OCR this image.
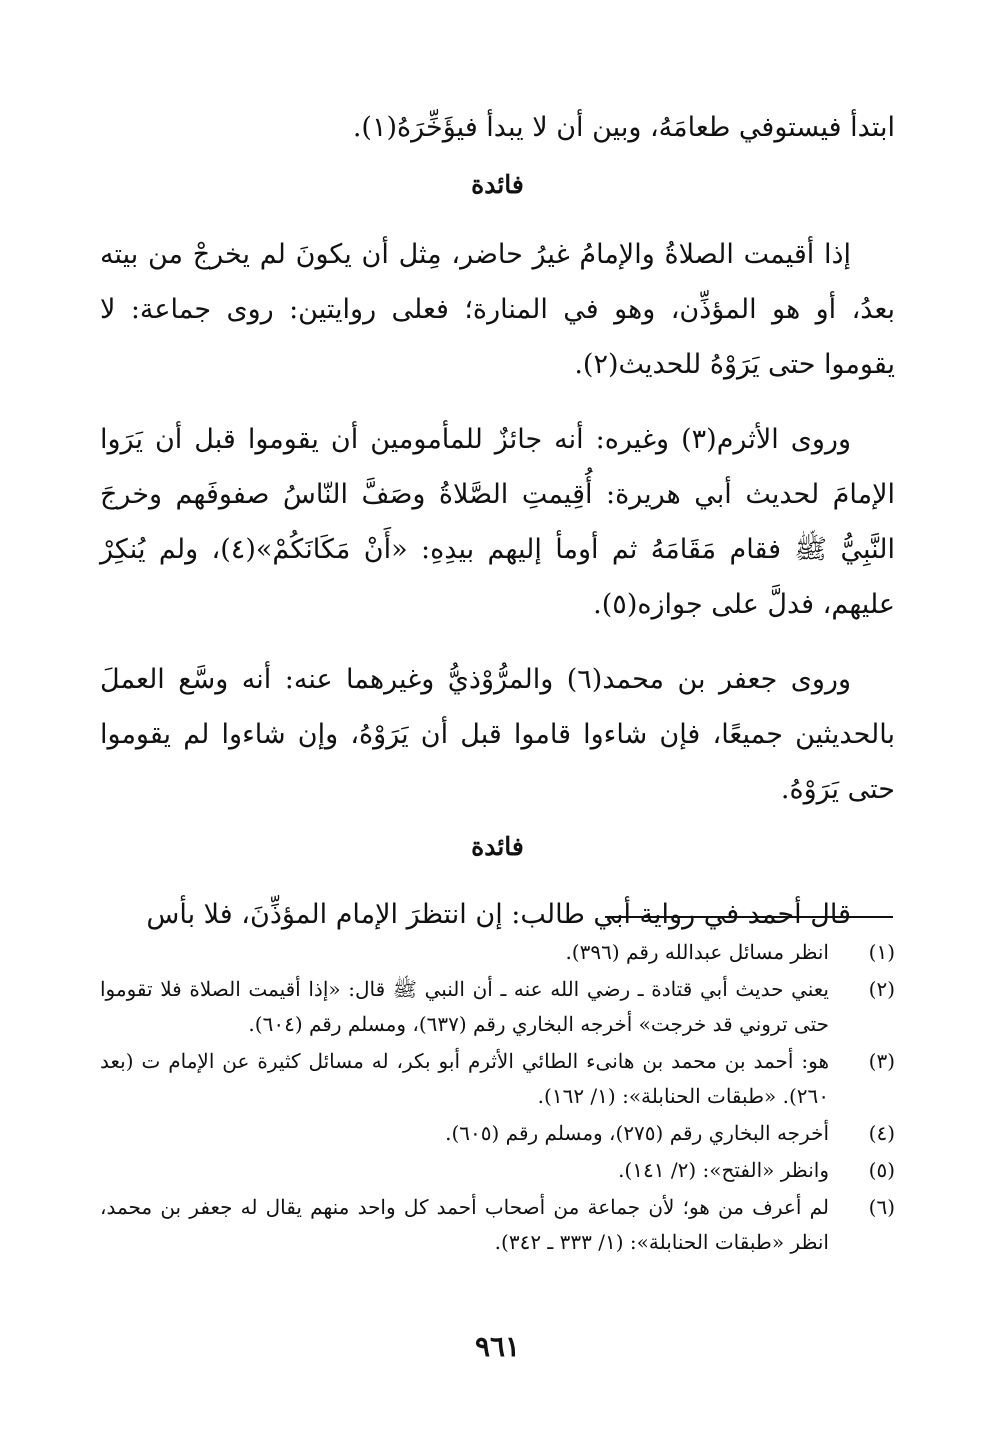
ابتدأ فيستوفي طعامَهُ، وبين أن لا يبدأ فيؤَخِّرَهُ(١).

فائدة

إذا أقيمت الصلاةُ والإمامُ غيرُ حاضر، مِثل أن يكونَ لم يخرجْ من بيته بعدُ، أو هو المؤذِّن، وهو في المنارة؛ فعلى روايتين: روى جماعة: لا يقوموا حتى يَرَوْهُ للحديث(٢).

وروى الأثرم(٣) وغيره: أنه جائزٌ للمأمومين أن يقوموا قبل أن يَرَوا الإمامَ لحديث أبي هريرة: أُقِيمتِ الصَّلاةُ وصَفَّ النّاسُ صفوفَهم وخرجَ النَّبِيُّ ﷺ فقام مَقَامَهُ ثم أومأ إليهم بيدِهِ: «أَنْ مَكَانَكُمْ»(٤)، ولم يُنكِرْ عليهم، فدلَّ على جوازه(٥).

وروى جعفر بن محمد(٦) والمرُّوْذيُّ وغيرهما عنه: أنه وسَّع العملَ بالحديثين جميعًا، فإن شاءوا قاموا قبل أن يَرَوْهُ، وإن شاءوا لم يقوموا حتى يَرَوْهُ.

فائدة

قال أحمد في رواية أبي طالب: إن انتظرَ الإمام المؤذِّنَ، فلا بأس

(١)
انظر مسائل عبدالله رقم (٣٩٦).
(٢)
يعني حديث أبي قتادة ـ رضي الله عنه ـ أن النبي ﷺ قال: «إذا أقيمت الصلاة فلا تقوموا حتى تروني قد خرجت» أخرجه البخاري رقم (٦٣٧)، ومسلم رقم (٦٠٤).
(٣)
هو: أحمد بن محمد بن هانىء الطائي الأثرم أبو بكر، له مسائل كثيرة عن الإمام ت (بعد ٢٦٠). «طبقات الحنابلة»: (١/ ١٦٢).
(٤)
أخرجه البخاري رقم (٢٧٥)، ومسلم رقم (٦٠٥).
(٥)
وانظر «الفتح»: (٢/ ١٤١).
(٦)
لم أعرف من هو؛ لأن جماعة من أصحاب أحمد كل واحد منهم يقال له جعفر بن محمد، انظر «طبقات الحنابلة»: (١/ ٣٣٣ ـ ٣٤٢).
٩٦١
